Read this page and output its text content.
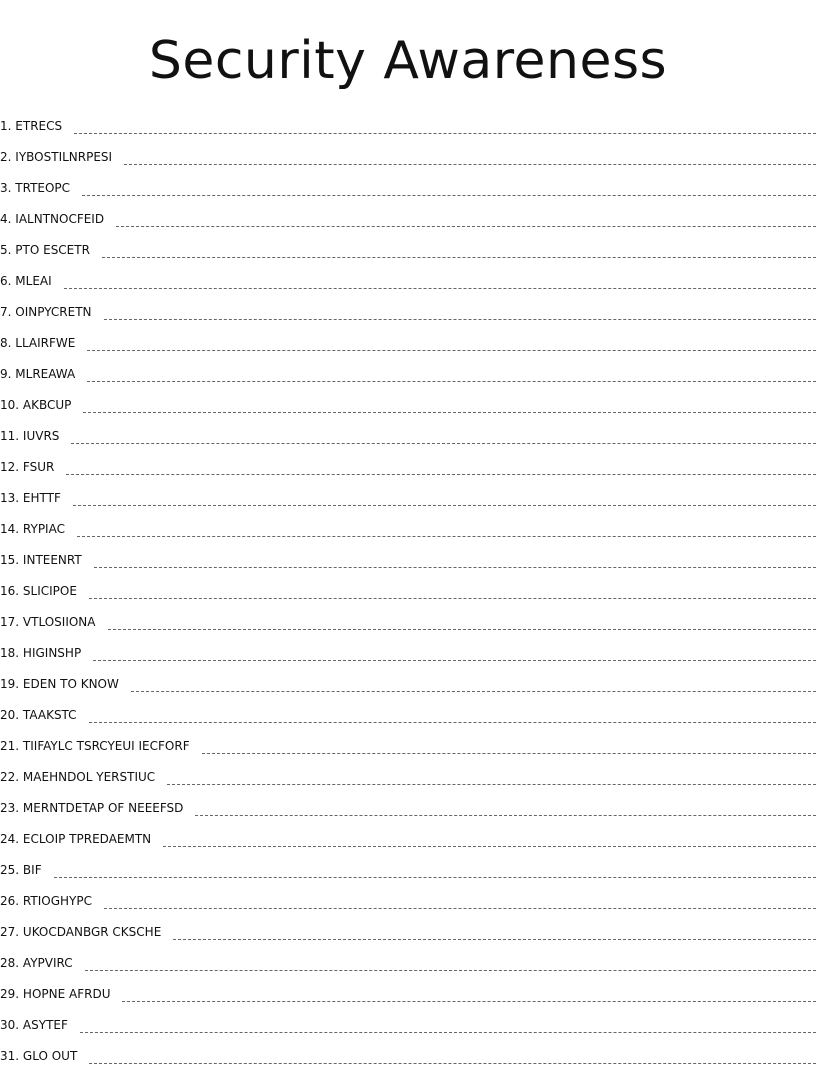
Security Awareness
1. ETRECS
2. IYBOSTILNRPESI
3. TRTEOPC
4. IALNTNOCFEID
5. PTO ESCETR
6. MLEAI
7. OINPYCRETN
8. LLAIRFWE
9. MLREAWA
10. AKBCUP
11. IUVRS
12. FSUR
13. EHTTF
14. RYPIAC
15. INTEENRT
16. SLICIPOE
17. VTLOSIIONA
18. HIGINSHP
19. EDEN TO KNOW
20. TAAKSTC
21. TIIFAYLC TSRCYEUI IECFORF
22. MAEHNDOL YERSTIUC
23. MERNTDETAP OF NEEEFSD
24. ECLOIP TPREDAEMTN
25. BIF
26. RTIOGHYPC
27. UKOCDANBGR CKSCHE
28. AYPVIRC
29. HOPNE AFRDU
30. ASYTEF
31. GLO OUT
